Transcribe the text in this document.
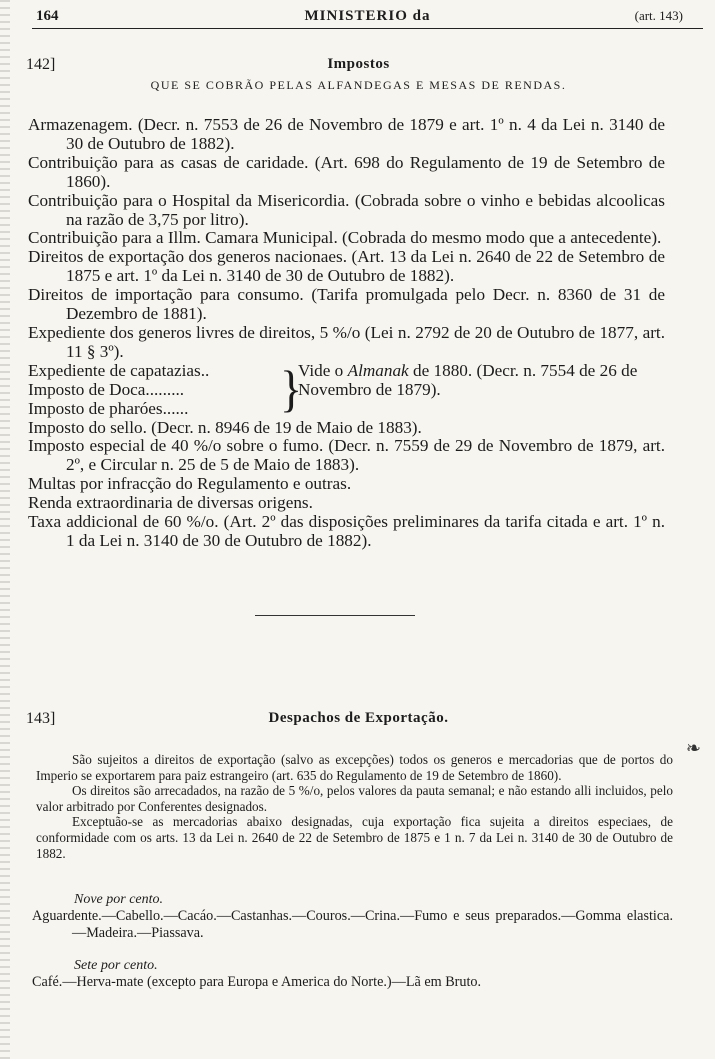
164	MINISTERIO da	(art. 143)
142]	Impostos
QUE SE COBRÃO PELAS ALFANDEGAS E MESAS DE RENDAS.

Armazenagem. (Decr. n. 7553 de 26 de Novembro de 1879 e art. 1º n. 4 da Lei n. 3140 de 30 de Outubro de 1882).

Contribuição para as casas de caridade. (Art. 698 do Regulamento de 19 de Setembro de 1860).

Contribuição para o Hospital da Misericordia. (Cobrada sobre o vinho e bebidas alcoolicas na razão de 3,75 por litro).

Contribuição para a Illm. Camara Municipal. (Cobrada do mesmo modo que a antecedente).

Direitos de exportação dos generos nacionaes. (Art. 13 da Lei n. 2640 de 22 de Setembro de 1875 e art. 1º da Lei n. 3140 de 30 de Outubro de 1882).

Direitos de importação para consumo. (Tarifa promulgada pelo Decr. n. 8360 de 31 de Dezembro de 1881).

Expediente dos generos livres de direitos, 5 %/o (Lei n. 2792 de 20 de Outubro de 1877, art. 11 § 3º).

Expediente de capatazias..
Imposto de Doca.........
Imposto de pharóes......	}
Vide o Almanak de 1880. (Decr. n. 7554 de 26 de Novembro de 1879).

Imposto do sello. (Decr. n. 8946 de 19 de Maio de 1883).

Imposto especial de 40 %/o sobre o fumo. (Decr. n. 7559 de 29 de Novembro de 1879, art. 2º, e Circular n. 25 de 5 de Maio de 1883).

Multas por infracção do Regulamento e outras.

Renda extraordinaria de diversas origens.

Taxa addicional de 60 %/o. (Art. 2º das disposições preliminares da tarifa citada e art. 1º n. 1 da Lei n. 3140 de 30 de Outubro de 1882).

143]	Despachos de Exportação.
❧

São sujeitos a direitos de exportação (salvo as excepções) todos os generos e mercadorias que de portos do Imperio se exportarem para paiz estrangeiro (art. 635 do Regulamento de 19 de Setembro de 1860).

Os direitos são arrecadados, na razão de 5 %/o, pelos valores da pauta semanal; e não estando alli incluidos, pelo valor arbitrado por Conferentes designados.

Exceptuão-se as mercadorias abaixo designadas, cuja exportação fica sujeita a direitos especiaes, de conformidade com os arts. 13 da Lei n. 2640 de 22 de Setembro de 1875 e 1 n. 7 da Lei n. 3140 de 30 de Outubro de 1882.

Nove por cento.
Aguardente.—Cabello.—Cacáo.—Castanhas.—Couros.—Crina.—Fumo e seus preparados.—Gomma elastica.—Madeira.—Piassava.
Sete por cento.
Café.—Herva-mate (excepto para Europa e America do Norte.)—Lã em Bruto.
